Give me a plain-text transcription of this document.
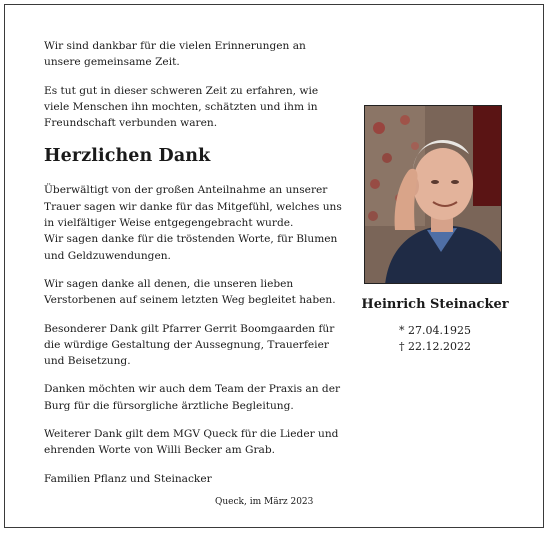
Wir sind dankbar für die vielen Erinnerungen an unsere gemeinsame Zeit.

Es tut gut in dieser schweren Zeit zu erfahren, wie viele Menschen ihn mochten, schätzten und ihm in Freundschaft verbunden waren.

Herzlichen Dank

Überwältigt von der großen Anteilnahme an unserer Trauer sagen wir danke für das Mitgefühl, welches uns in vielfältiger Weise entgegengebracht wurde.

Wir sagen danke für die tröstenden Worte, für Blumen und Geldzuwendungen.

Wir sagen danke all denen, die unseren lieben Verstorbenen auf seinem letzten Weg begleitet haben.

Besonderer Dank gilt Pfarrer Gerrit Boomgaarden für die würdige Gestaltung der Aussegnung, Trauerfeier und Beisetzung.

Danken möchten wir auch dem Team der Praxis an der Burg für die fürsorgliche ärztliche Begleitung.

Weiterer Dank gilt dem MGV Queck für die Lieder und ehrenden Worte von Willi Becker am Grab.

Familien Pflanz und Steinacker

Queck, im März 2023
Heinrich Steinacker
* 27.04.1925
† 22.12.2022
